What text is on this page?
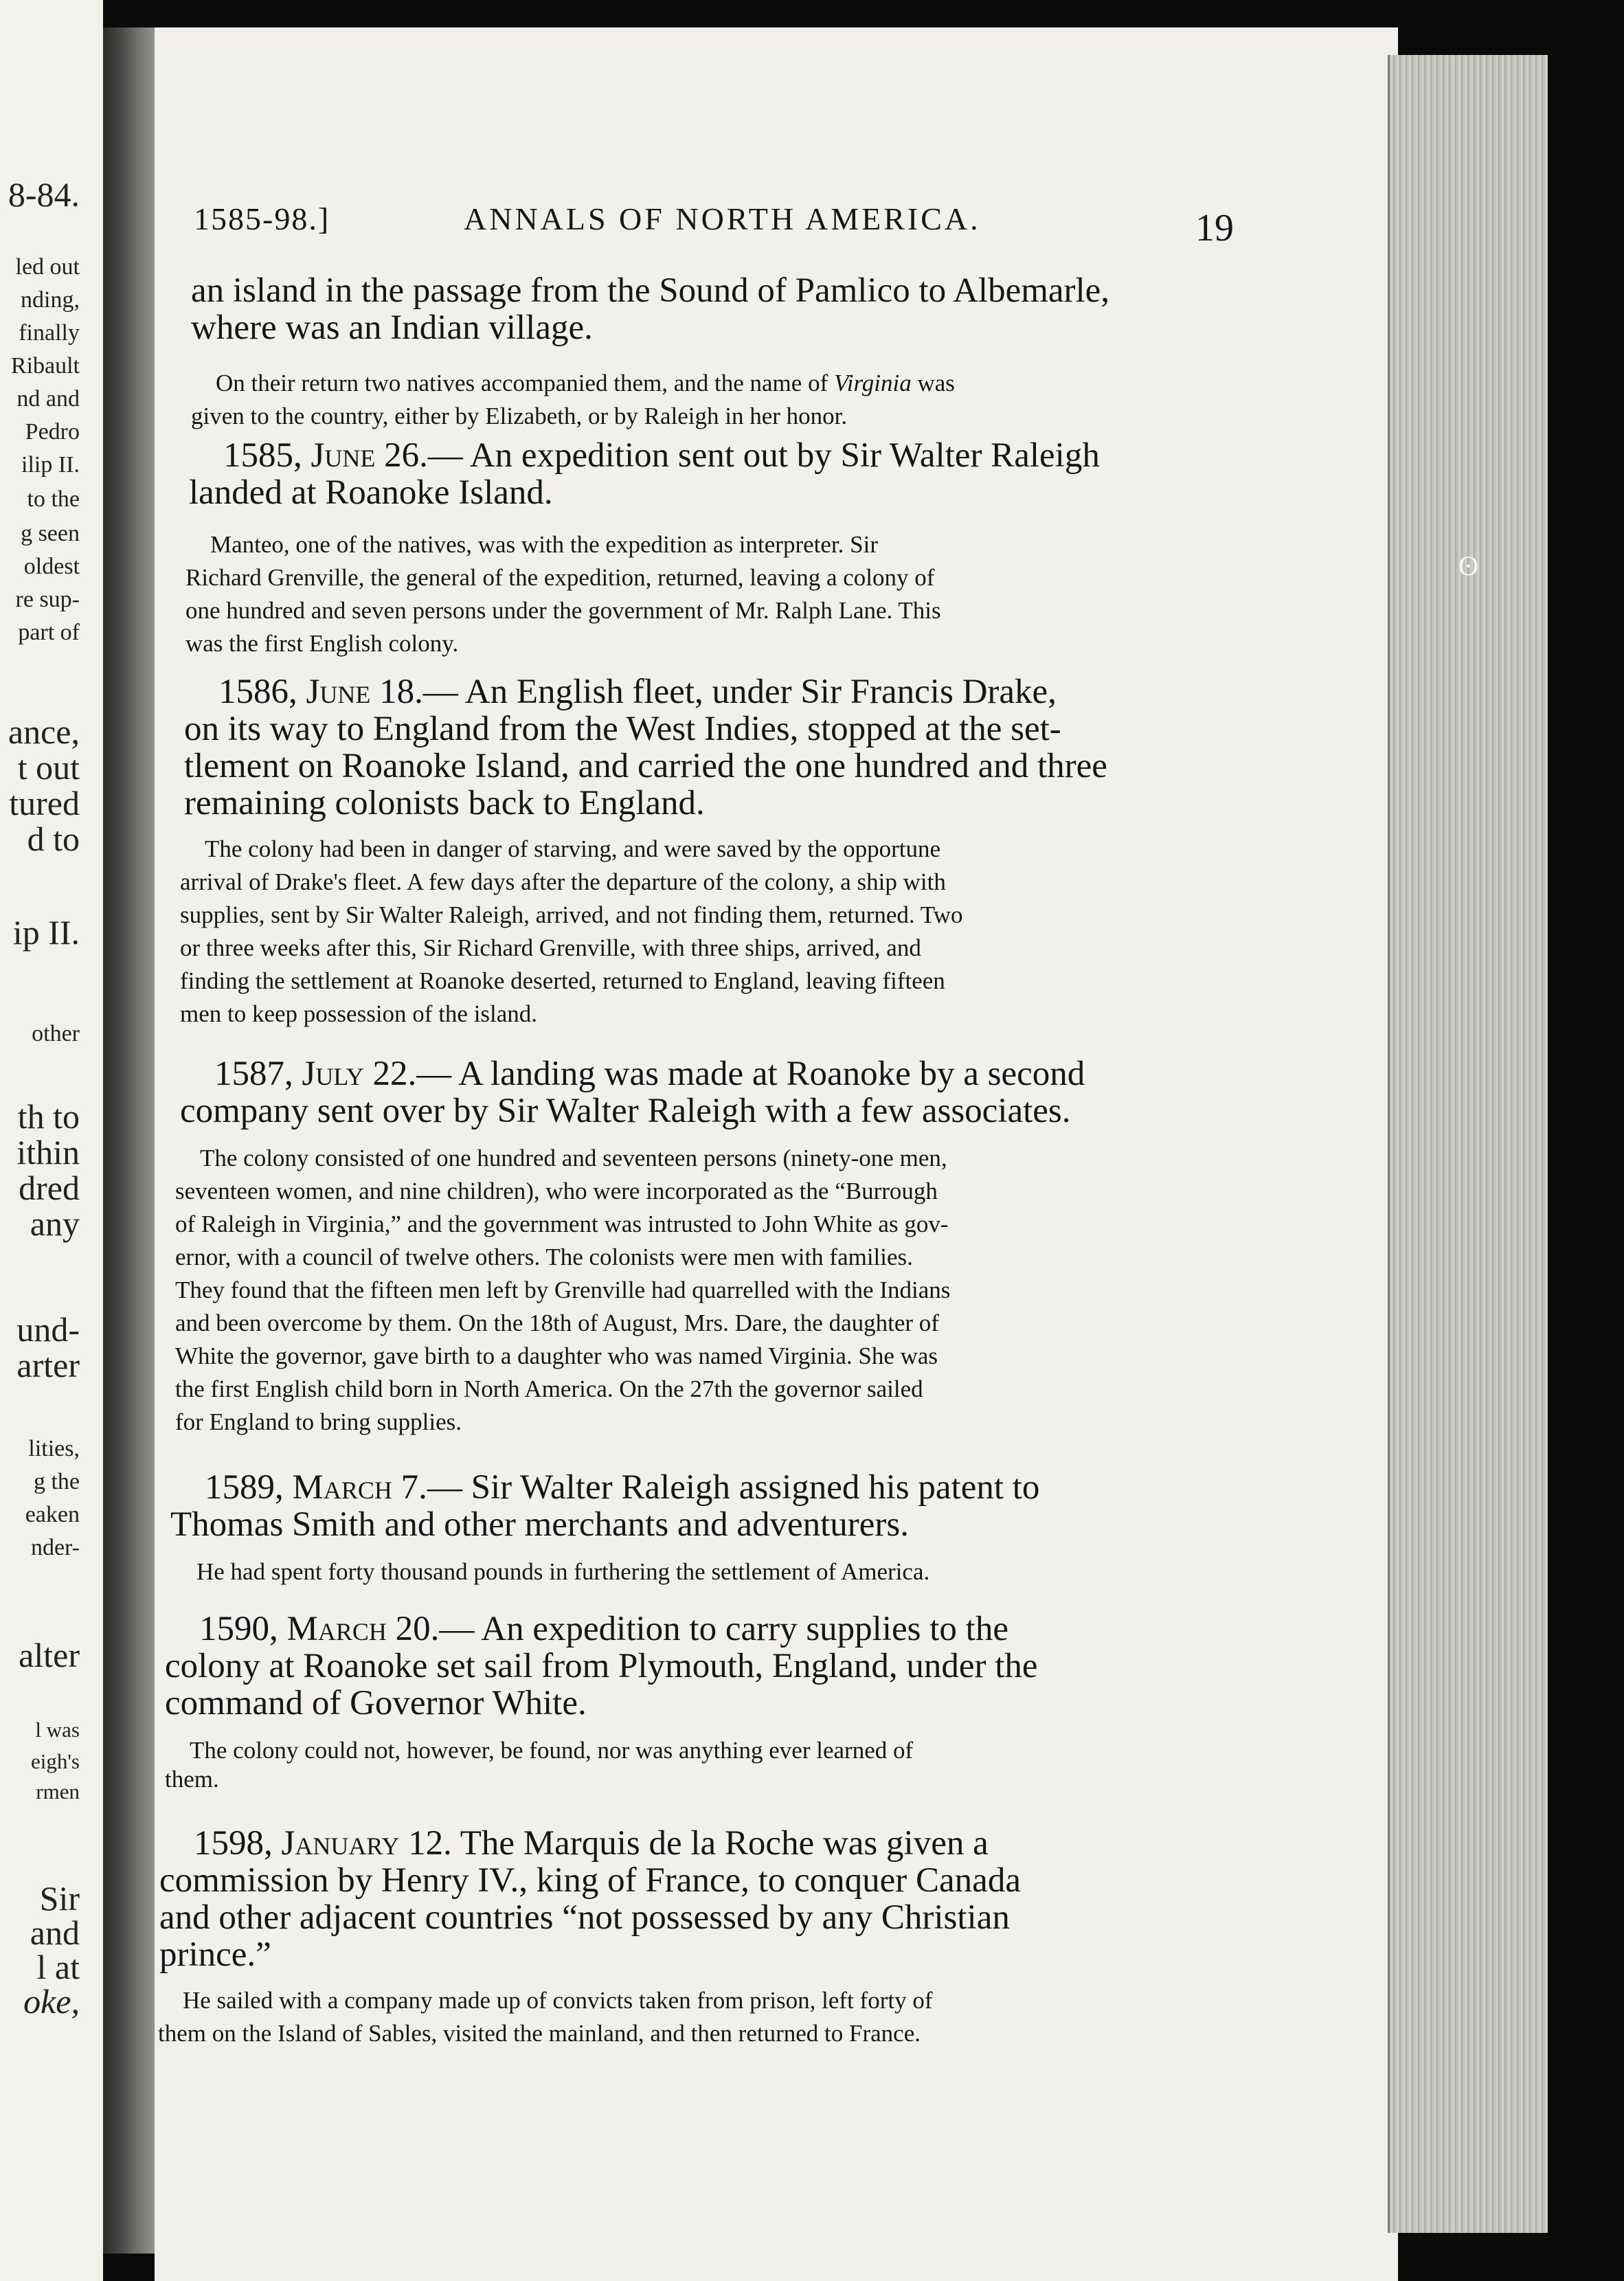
8-84.
led out
nding,
finally
Ribault
nd and
Pedro
ilip II.
to the
g seen
oldest
re sup-
part of
ance,
t out
tured
d to
ip II.
other
th to
ithin
dred
any
und-
arter
lities,
g the
eaken
nder-
alter
l was
eigh's
rmen
Sir
and
l at
oke,
ʘ
1585-98.]	ANNALS OF NORTH AMERICA.	19
an island in the passage from the Sound of Pamlico to Albemarle,
where was an Indian village.
On their return two natives accompanied them, and the name of Virginia was
given to the country, either by Elizabeth, or by Raleigh in her honor.
1585, June 26.— An expedition sent out by Sir Walter Raleigh
landed at Roanoke Island.
Manteo, one of the natives, was with the expedition as interpreter. Sir
Richard Grenville, the general of the expedition, returned, leaving a colony of
one hundred and seven persons under the government of Mr. Ralph Lane. This
was the first English colony.
1586, June 18.— An English fleet, under Sir Francis Drake,
on its way to England from the West Indies, stopped at the set-
tlement on Roanoke Island, and carried the one hundred and three
remaining colonists back to England.
The colony had been in danger of starving, and were saved by the opportune
arrival of Drake's fleet. A few days after the departure of the colony, a ship with
supplies, sent by Sir Walter Raleigh, arrived, and not finding them, returned. Two
or three weeks after this, Sir Richard Grenville, with three ships, arrived, and
finding the settlement at Roanoke deserted, returned to England, leaving fifteen
men to keep possession of the island.
1587, July 22.— A landing was made at Roanoke by a second
company sent over by Sir Walter Raleigh with a few associates.
The colony consisted of one hundred and seventeen persons (ninety-one men,
seventeen women, and nine children), who were incorporated as the “Burrough
of Raleigh in Virginia,” and the government was intrusted to John White as gov-
ernor, with a council of twelve others. The colonists were men with families.
They found that the fifteen men left by Grenville had quarrelled with the Indians
and been overcome by them. On the 18th of August, Mrs. Dare, the daughter of
White the governor, gave birth to a daughter who was named Virginia. She was
the first English child born in North America. On the 27th the governor sailed
for England to bring supplies.
1589, March 7.— Sir Walter Raleigh assigned his patent to
Thomas Smith and other merchants and adventurers.
He had spent forty thousand pounds in furthering the settlement of America.
1590, March 20.— An expedition to carry supplies to the
colony at Roanoke set sail from Plymouth, England, under the
command of Governor White.
The colony could not, however, be found, nor was anything ever learned of
them.
1598, January 12. The Marquis de la Roche was given a
commission by Henry IV., king of France, to conquer Canada
and other adjacent countries “not possessed by any Christian
prince.”
He sailed with a company made up of convicts taken from prison, left forty of
them on the Island of Sables, visited the mainland, and then returned to France.
